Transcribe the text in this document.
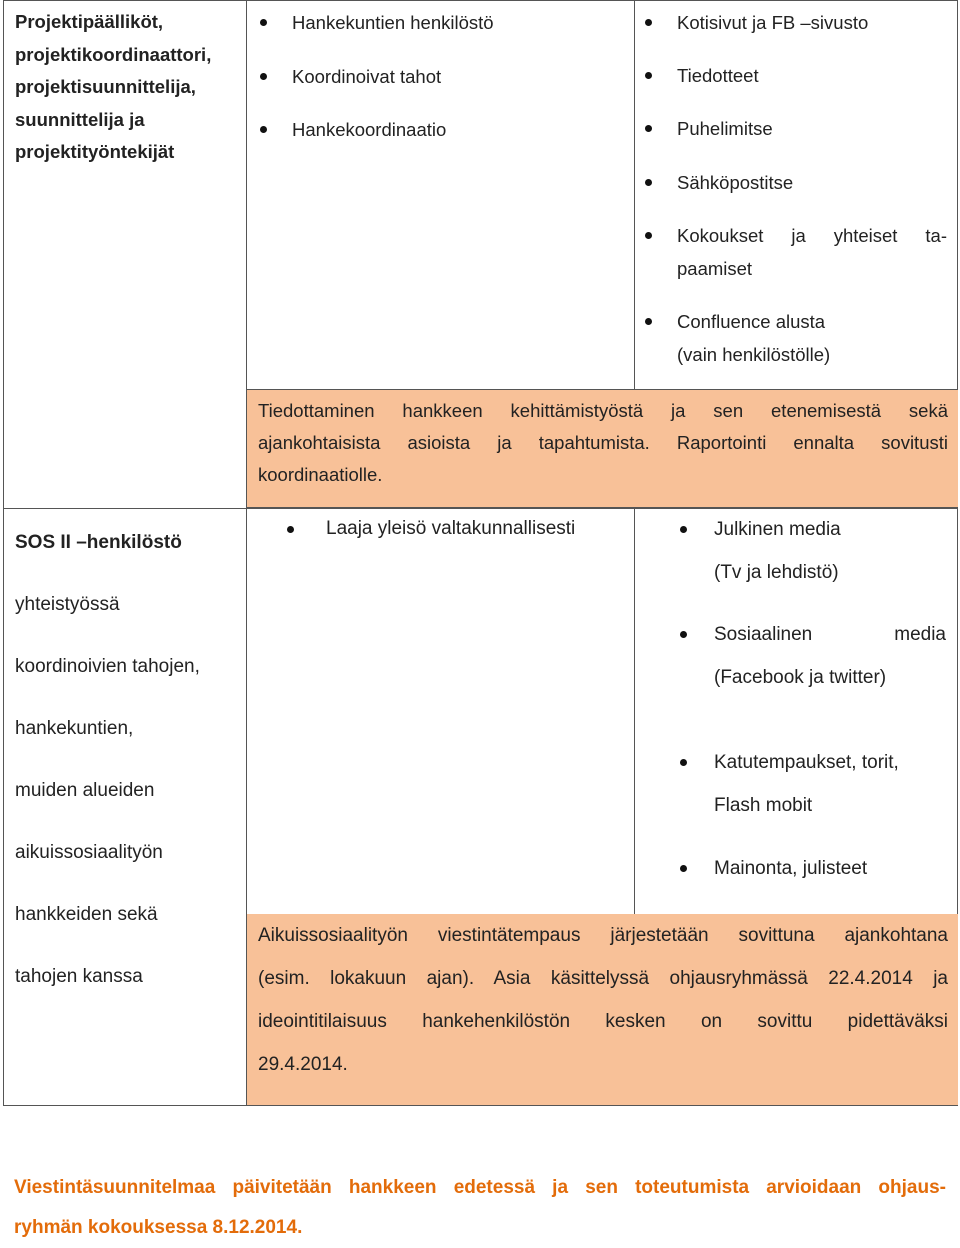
Projektipäälliköt,
projektikoordinaattori,
projektisuunnittelija,
suunnittelija ja
projektityöntekijät
Hankekuntien henkilöstö
Koordinoivat tahot
Hankekoordinaatio
Kotisivut ja FB –sivusto
Tiedotteet
Puhelimitse
Sähköpostitse
Kokoukset ja yhteiset ta-
paamiset
Confluence alusta
(vain henkilöstölle)
Tiedottaminen hankkeen kehittämistyöstä ja sen etenemisestä sekä
ajankohtaisista asioista ja tapahtumista. Raportointi ennalta sovitusti
koordinaatiolle.
SOS II –henkilöstö
yhteistyössä
koordinoivien tahojen,
hankekuntien,
muiden alueiden
aikuissosiaalityön
hankkeiden sekä
tahojen kanssa
Laaja yleisö valtakunnallisesti	Julkinen media
(Tv ja lehdistö)
Sosiaalinen media
(Facebook ja twitter)
Katutempaukset, torit,
Flash mobit
Mainonta, julisteet
Aikuissosiaalityön viestintätempaus järjestetään sovittuna ajankohtana
(esim. lokakuun ajan). Asia käsittelyssä ohjausryhmässä 22.4.2014 ja
ideointitilaisuus hankehenkilöstön kesken on sovittu pidettäväksi
29.4.2014.
Viestintäsuunnitelmaa päivitetään hankkeen edetessä ja sen toteutumista arvioidaan ohjaus-
ryhmän kokouksessa 8.12.2014.
